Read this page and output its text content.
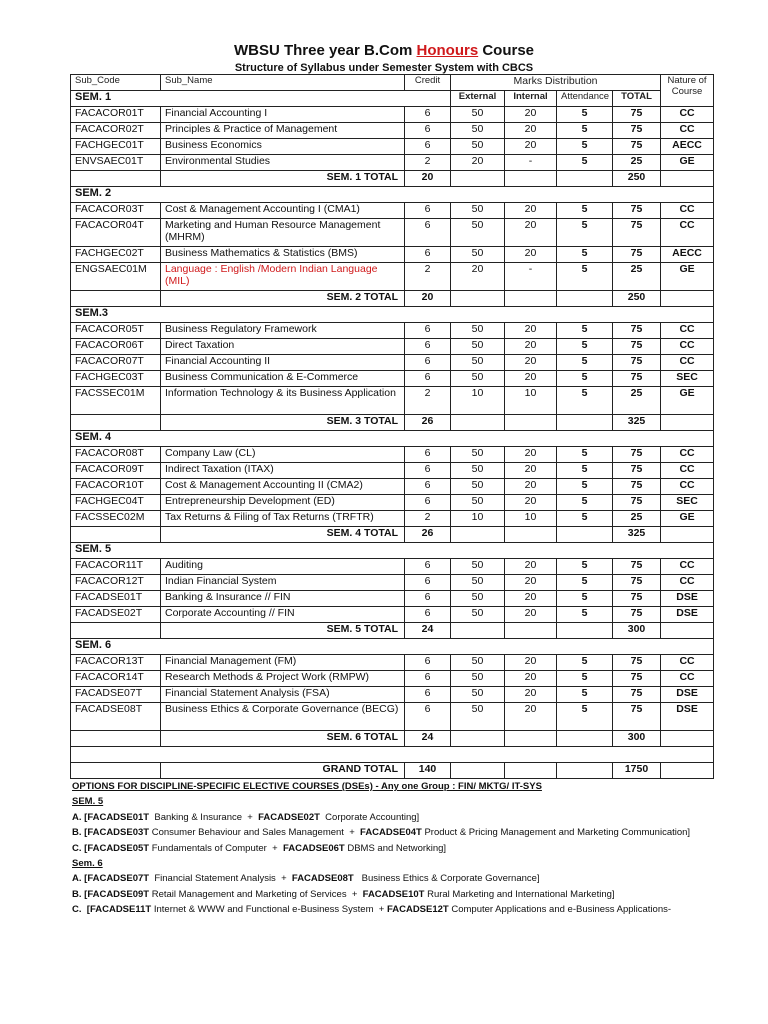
WBSU Three year B.Com Honours Course
Structure of Syllabus under Semester System with CBCS
Sub_Code	Sub_Name	Credit	Marks Distribution				Nature of Course
SEM. 1			External	Internal	Attendance	TOTAL	
FACACOR01T	Financial Accounting I	6	50	20	5	75	CC
FACACOR02T	Principles & Practice of Management	6	50	20	5	75	CC
FACHGEC01T	Business Economics	6	50	20	5	75	AECC
ENVSAEC01T	Environmental Studies	2	20	-	5	25	GE
	SEM. 1 TOTAL	20				250	
SEM. 2							
FACACOR03T	Cost & Management Accounting I (CMA1)	6	50	20	5	75	CC
FACACOR04T	Marketing and Human Resource Management (MHRM)	6	50	20	5	75	CC
FACHGEC02T	Business Mathematics & Statistics (BMS)	6	50	20	5	75	AECC
ENGSAEC01M	Language : English /Modern Indian Language (MIL)	2	20	-	5	25	GE
	SEM. 2 TOTAL	20				250	
SEM.3							
FACACOR05T	Business Regulatory Framework	6	50	20	5	75	CC
FACACOR06T	Direct Taxation	6	50	20	5	75	CC
FACACOR07T	Financial Accounting II	6	50	20	5	75	CC
FACHGEC03T	Business Communication & E-Commerce	6	50	20	5	75	SEC
FACSSEC01M	Information Technology & its Business Application	2	10	10	5	25	GE
	SEM. 3 TOTAL	26				325	
SEM. 4							
FACACOR08T	Company Law (CL)	6	50	20	5	75	CC
FACACOR09T	Indirect Taxation (ITAX)	6	50	20	5	75	CC
FACACOR10T	Cost & Management Accounting II (CMA2)	6	50	20	5	75	CC
FACHGEC04T	Entrepreneurship Development (ED)	6	50	20	5	75	SEC
FACSSEC02M	Tax Returns & Filing of Tax Returns (TRFTR)	2	10	10	5	25	GE
	SEM. 4 TOTAL	26				325	
SEM. 5							
FACACOR11T	Auditing	6	50	20	5	75	CC
FACACOR12T	Indian Financial System	6	50	20	5	75	CC
FACADSE01T	Banking & Insurance // FIN	6	50	20	5	75	DSE
FACADSE02T	Corporate Accounting // FIN	6	50	20	5	75	DSE
	SEM. 5 TOTAL	24				300	
SEM. 6							
FACACOR13T	Financial Management (FM)	6	50	20	5	75	CC
FACACOR14T	Research Methods & Project Work (RMPW)	6	50	20	5	75	CC
FACADSE07T	Financial Statement Analysis (FSA)	6	50	20	5	75	DSE
FACADSE08T	Business Ethics & Corporate Governance (BECG)	6	50	20	5	75	DSE
	SEM. 6 TOTAL	24				300	

	GRAND TOTAL	140				1750	
OPTIONS FOR DISCIPLINE-SPECIFIC ELECTIVE COURSES (DSEs) - Any one Group : FIN/ MKTG/ IT-SYS
SEM. 5
A. [FACADSE01T  Banking & Insurance  +  FACADSE02T  Corporate Accounting]
B. [FACADSE03T Consumer Behaviour and Sales Management  +  FACADSE04T Product & Pricing Management and Marketing Communication]
C. [FACADSE05T Fundamentals of Computer  +  FACADSE06T DBMS and Networking]
Sem. 6
A. [FACADSE07T  Financial Statement Analysis  +  FACADSE08T   Business Ethics & Corporate Governance]
B. [FACADSE09T Retail Management and Marketing of Services  +  FACADSE10T Rural Marketing and International Marketing]
C.  [FACADSE11T Internet & WWW and Functional e-Business System  + FACADSE12T Computer Applications and e-Business Applications-
